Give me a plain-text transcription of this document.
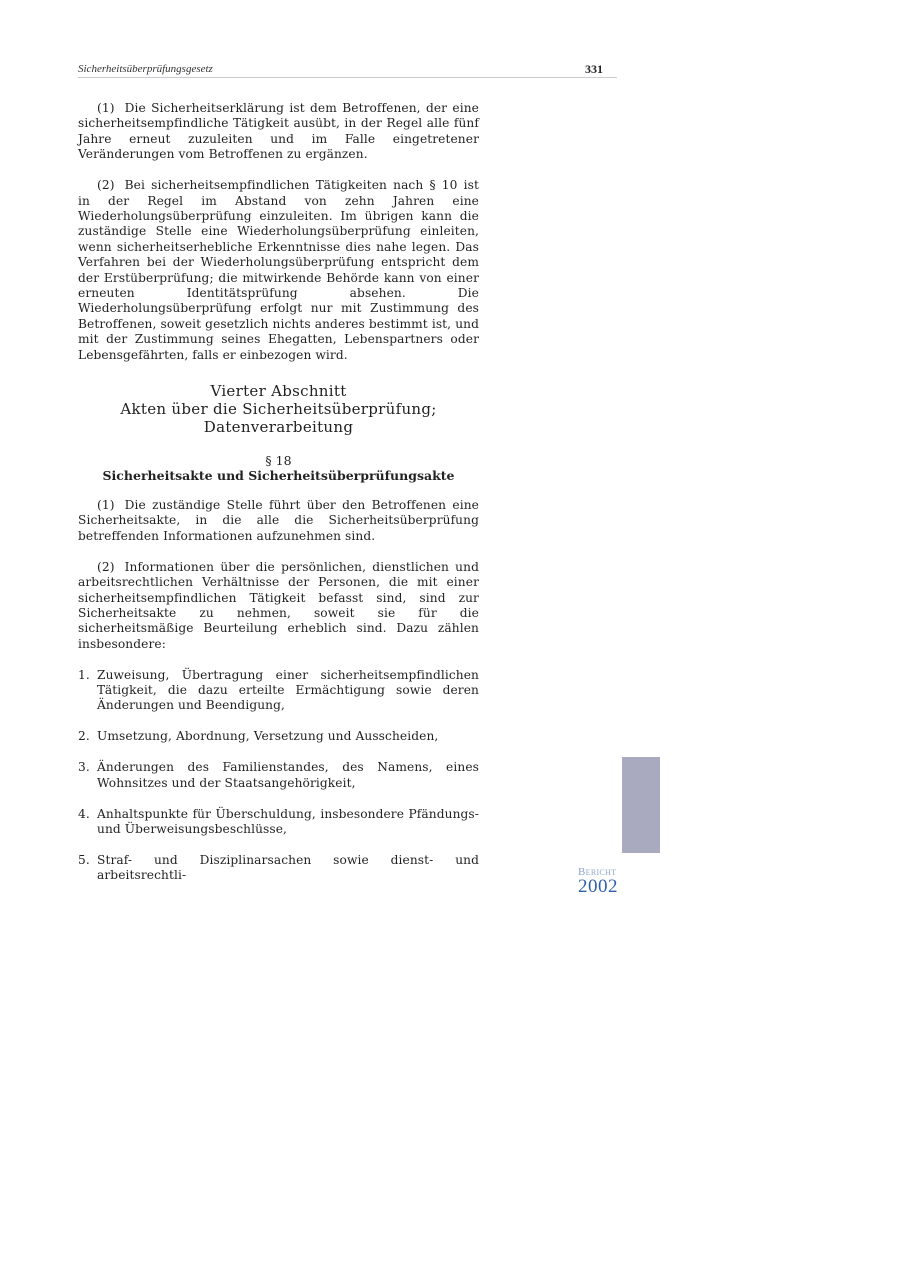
Sicherheitsüberprüfungsgesetz	331

(1) Die Sicherheitserklärung ist dem Betroffenen, der eine sicherheitsempfindliche Tätigkeit ausübt, in der Regel alle fünf Jahre erneut zuzuleiten und im Falle eingetretener Veränderungen vom Betroffenen zu ergänzen.

(2) Bei sicherheitsempfindlichen Tätigkeiten nach § 10 ist in der Regel im Abstand von zehn Jahren eine Wiederholungsüberprüfung einzuleiten. Im übrigen kann die zuständige Stelle eine Wiederholungsüberprüfung einleiten, wenn sicherheitserhebliche Erkenntnisse dies nahe legen. Das Verfahren bei der Wiederholungsüberprüfung entspricht dem der Erstüberprüfung; die mitwirkende Behörde kann von einer erneuten Identitätsprüfung absehen. Die Wiederholungsüberprüfung erfolgt nur mit Zustimmung des Betroffenen, soweit gesetzlich nichts anderes bestimmt ist, und mit der Zustimmung seines Ehegatten, Lebenspartners oder Lebensgefährten, falls er einbezogen wird.

Vierter Abschnitt
Akten über die Sicherheitsüberprüfung;
Datenverarbeitung
§ 18
Sicherheitsakte und Sicherheitsüberprüfungsakte

(1) Die zuständige Stelle führt über den Betroffenen eine Sicherheitsakte, in die alle die Sicherheitsüberprüfung betreffenden Informationen aufzunehmen sind.

(2) Informationen über die persönlichen, dienstlichen und arbeitsrechtlichen Verhältnisse der Personen, die mit einer sicherheitsempfindlichen Tätigkeit befasst sind, sind zur Sicherheitsakte zu nehmen, soweit sie für die sicherheitsmäßige Beurteilung erheblich sind. Dazu zählen insbesondere:

1. Zuweisung, Übertragung einer sicherheitsempfindlichen Tätigkeit, die dazu erteilte Ermächtigung sowie deren Änderungen und Beendigung,
2. Umsetzung, Abordnung, Versetzung und Ausscheiden,
3. Änderungen des Familienstandes, des Namens, eines Wohnsitzes und der Staatsangehörigkeit,
4. Anhaltspunkte für Überschuldung, insbesondere Pfändungs- und Überweisungsbeschlüsse,
5. Straf- und Disziplinarsachen sowie dienst- und arbeitsrechtli-	Bericht
2002
